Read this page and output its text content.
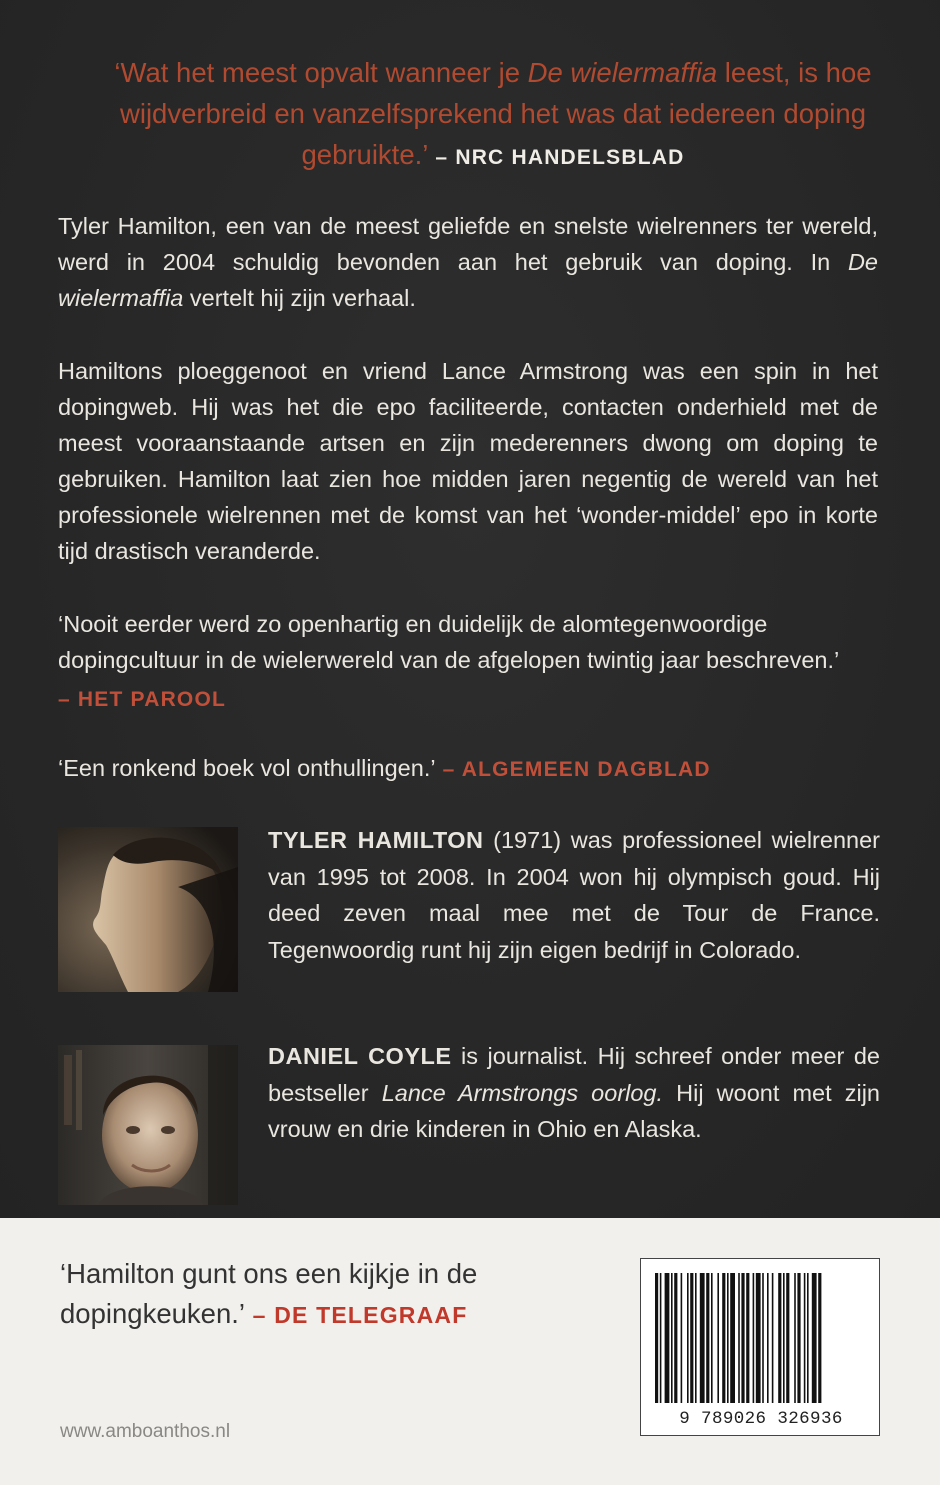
‘Wat het meest opvalt wanneer je De wielermaffia leest, is hoe wijdverbreid en vanzelfsprekend het was dat iedereen doping gebruikte.’ – NRC HANDELSBLAD

Tyler Hamilton, een van de meest geliefde en snelste wielrenners ter wereld, werd in 2004 schuldig bevonden aan het gebruik van doping. In De wielermaffia vertelt hij zijn verhaal.

Hamiltons ploeggenoot en vriend Lance Armstrong was een spin in het dopingweb. Hij was het die epo faciliteerde, contacten onderhield met de meest vooraanstaande artsen en zijn mederenners dwong om doping te gebruiken. Hamilton laat zien hoe midden jaren negentig de wereld van het professionele wielrennen met de komst van het ‘wonder-middel’ epo in korte tijd drastisch veranderde.

‘Nooit eerder werd zo openhartig en duidelijk de alomtegenwoordige dopingcultuur in de wielerwereld van de afgelopen twintig jaar beschreven.’ – HET PAROOL

‘Een ronkend boek vol onthullingen.’ – ALGEMEEN DAGBLAD

TYLER HAMILTON (1971) was professioneel wielrenner van 1995 tot 2008. In 2004 won hij olympisch goud. Hij deed zeven maal mee met de Tour de France. Tegenwoordig runt hij zijn eigen bedrijf in Colorado.

DANIEL COYLE is journalist. Hij schreef onder meer de bestseller Lance Armstrongs oorlog. Hij woont met zijn vrouw en drie kinderen in Ohio en Alaska.

‘Hamilton gunt ons een kijkje in de dopingkeuken.’ – DE TELEGRAAF
www.amboanthos.nl
9 789026 326936
